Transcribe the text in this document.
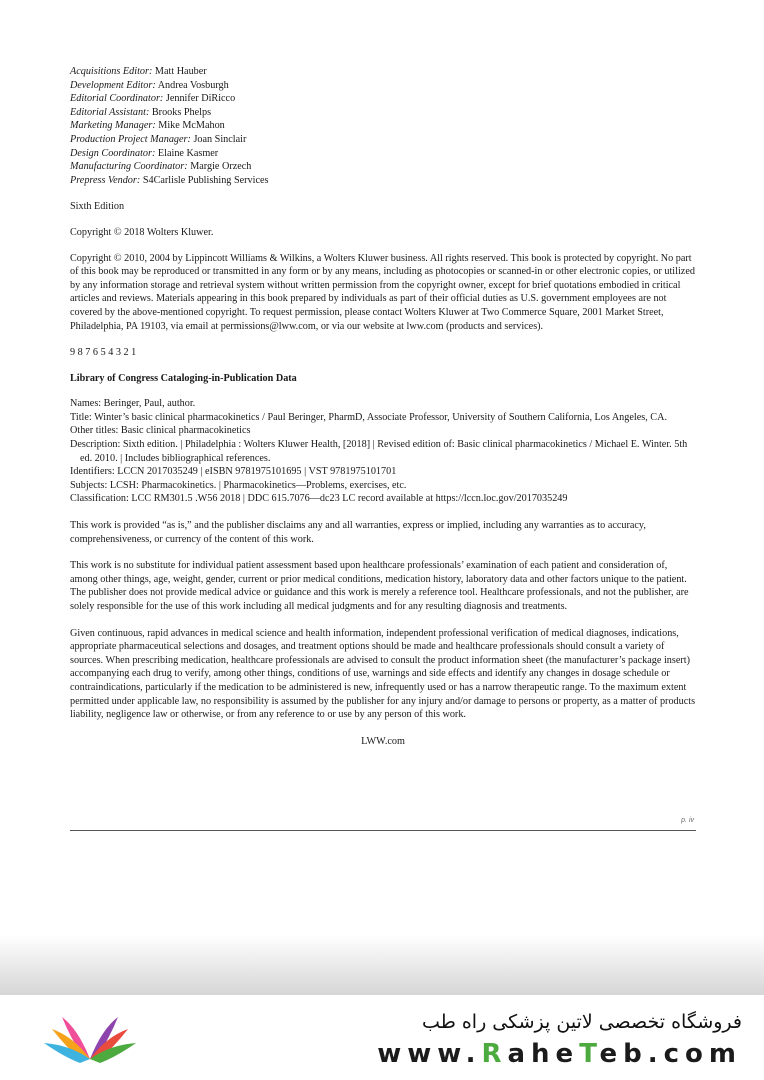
Acquisitions Editor: Matt Hauber
Development Editor: Andrea Vosburgh
Editorial Coordinator: Jennifer DiRicco
Editorial Assistant: Brooks Phelps
Marketing Manager: Mike McMahon
Production Project Manager: Joan Sinclair
Design Coordinator: Elaine Kasmer
Manufacturing Coordinator: Margie Orzech
Prepress Vendor: S4Carlisle Publishing Services
Sixth Edition
Copyright © 2018 Wolters Kluwer.
Copyright © 2010, 2004 by Lippincott Williams & Wilkins, a Wolters Kluwer business. All rights reserved. This book is protected by copyright. No part of this book may be reproduced or transmitted in any form or by any means, including as photocopies or scanned-in or other electronic copies, or utilized by any information storage and retrieval system without written permission from the copyright owner, except for brief quotations embodied in critical articles and reviews. Materials appearing in this book prepared by individuals as part of their official duties as U.S. government employees are not covered by the above-mentioned copyright. To request permission, please contact Wolters Kluwer at Two Commerce Square, 2001 Market Street, Philadelphia, PA 19103, via email at permissions@lww.com, or via our website at lww.com (products and services).
9 8 7 6 5 4 3 2 1
Library of Congress Cataloging-in-Publication Data
Names: Beringer, Paul, author.
Title: Winter’s basic clinical pharmacokinetics / Paul Beringer, PharmD, Associate Professor, University of Southern California, Los Angeles, CA.
Other titles: Basic clinical pharmacokinetics
Description: Sixth edition. | Philadelphia : Wolters Kluwer Health, [2018] | Revised edition of: Basic clinical pharmacokinetics / Michael E. Winter. 5th ed. 2010. | Includes bibliographical references.
Identifiers: LCCN 2017035249 | eISBN 9781975101695 | VST 9781975101701
Subjects: LCSH: Pharmacokinetics. | Pharmacokinetics—Problems, exercises, etc.
Classification: LCC RM301.5 .W56 2018 | DDC 615.7076—dc23 LC record available at https://lccn.loc.gov/2017035249
This work is provided “as is,” and the publisher disclaims any and all warranties, express or implied, including any warranties as to accuracy, comprehensiveness, or currency of the content of this work.
This work is no substitute for individual patient assessment based upon healthcare professionals’ examination of each patient and consideration of, among other things, age, weight, gender, current or prior medical conditions, medication history, laboratory data and other factors unique to the patient. The publisher does not provide medical advice or guidance and this work is merely a reference tool. Healthcare professionals, and not the publisher, are solely responsible for the use of this work including all medical judgments and for any resulting diagnosis and treatments.
Given continuous, rapid advances in medical science and health information, independent professional verification of medical diagnoses, indications, appropriate pharmaceutical selections and dosages, and treatment options should be made and healthcare professionals should consult a variety of sources. When prescribing medication, healthcare professionals are advised to consult the product information sheet (the manufacturer’s package insert) accompanying each drug to verify, among other things, conditions of use, warnings and side effects and identify any changes in dosage schedule or contraindications, particularly if the medication to be administered is new, infrequently used or has a narrow therapeutic range. To the maximum extent permitted under applicable law, no responsibility is assumed by the publisher for any injury and/or damage to persons or property, as a matter of products liability, negligence law or otherwise, or from any reference to or use by any person of this work.
LWW.com
p. iv
فروشگاه تخصصی لاتین پزشکی راه طب
www.RaheTeb.com
